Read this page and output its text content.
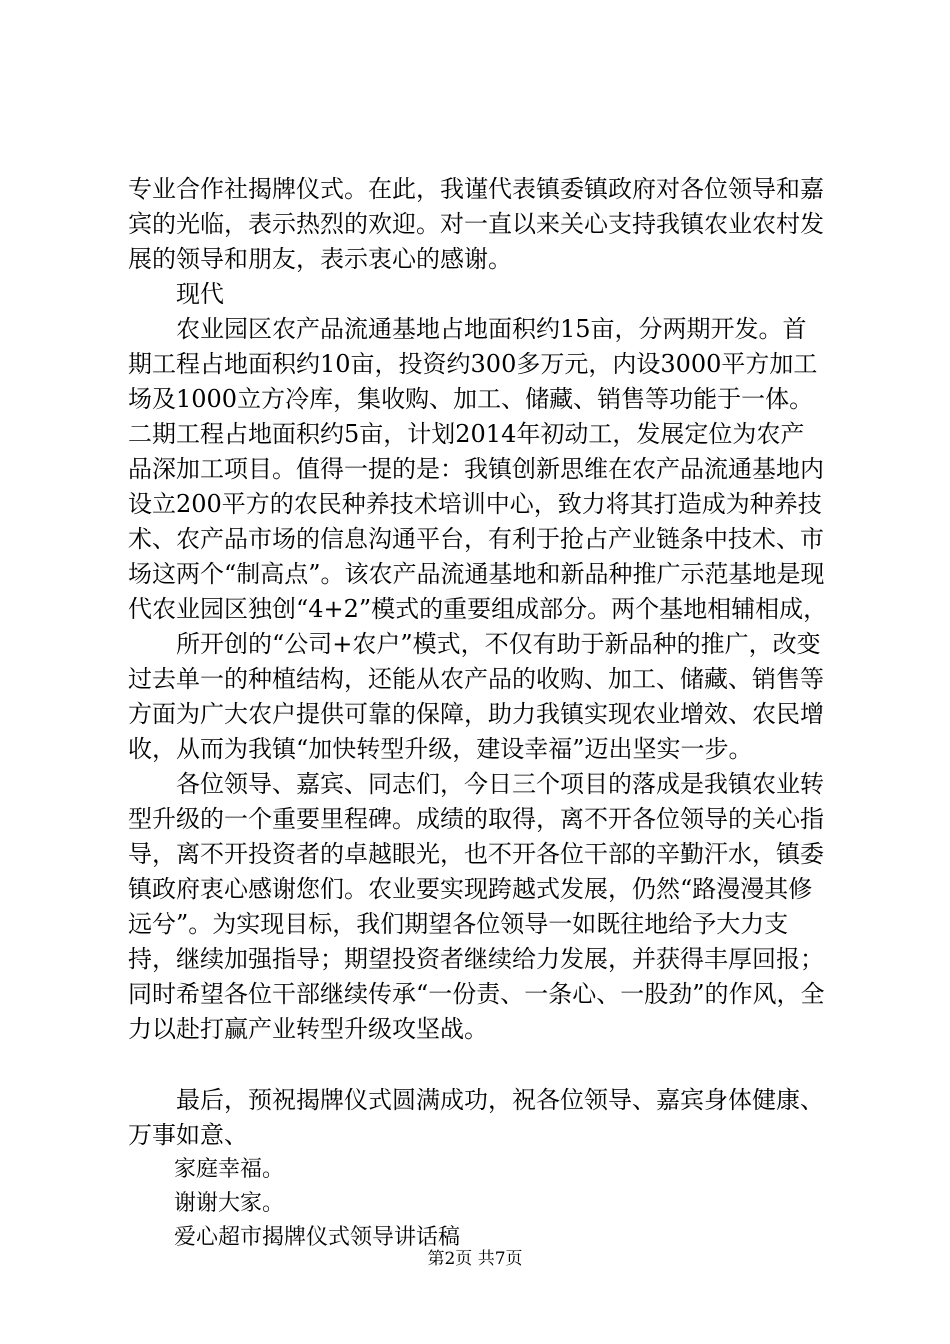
专业合作社揭牌仪式。在此，我谨代表镇委镇政府对各位领导和嘉宾的光临，表示热烈的欢迎。对一直以来关心支持我镇农业农村发展的领导和朋友，表示衷心的感谢。

现代

农业园区农产品流通基地占地面积约15亩，分两期开发。首期工程占地面积约10亩，投资约300多万元，内设3000平方加工场及1000立方冷库，集收购、加工、储藏、销售等功能于一体。二期工程占地面积约5亩，计划2014年初动工，发展定位为农产品深加工项目。值得一提的是：我镇创新思维在农产品流通基地内设立200平方的农民种养技术培训中心，致力将其打造成为种养技术、农产品市场的信息沟通平台，有利于抢占产业链条中技术、市场这两个“制高点”。该农产品流通基地和新品种推广示范基地是现代农业园区独创“4+2”模式的重要组成部分。两个基地相辅相成，

所开创的“公司+农户”模式，不仅有助于新品种的推广，改变过去单一的种植结构，还能从农产品的收购、加工、储藏、销售等方面为广大农户提供可靠的保障，助力我镇实现农业增效、农民增收，从而为我镇“加快转型升级，建设幸福”迈出坚实一步。

各位领导、嘉宾、同志们，今日三个项目的落成是我镇农业转型升级的一个重要里程碑。成绩的取得，离不开各位领导的关心指导，离不开投资者的卓越眼光，也不开各位干部的辛勤汗水，镇委镇政府衷心感谢您们。农业要实现跨越式发展，仍然“路漫漫其修远兮”。为实现目标，我们期望各位领导一如既往地给予大力支持，继续加强指导；期望投资者继续给力发展，并获得丰厚回报；同时希望各位干部继续传承“一份责、一条心、一股劲”的作风，全力以赴打赢产业转型升级攻坚战。

最后，预祝揭牌仪式圆满成功，祝各位领导、嘉宾身体健康、万事如意、

家庭幸福。

谢谢大家。

爱心超市揭牌仪式领导讲话稿

第2页 共7页
